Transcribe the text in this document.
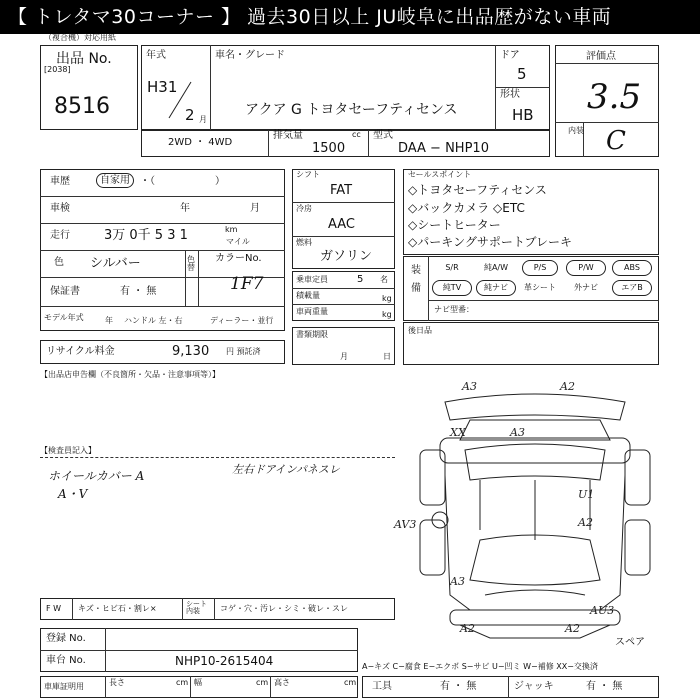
【 トレタマ30コーナー 】 過去30日以上 JU岐阜に出品歴がない車両
（複合機）対応用紙
出品 No.
[2038]
8516
年式
H31
2 月
車名・グレード
アクア G トヨタセーフティセンス
ドア
5
形状
HB
評価点
3.5
内装 C
2WD ・ 4WD
排気量	cc
1500
型式
DAA − NHP10
車歴	自家用	・（　　　　　　）
車検	年	月
走行	3万 0千 5 3 1	km
マイル
色 シルバー	色替
カラーNo.
1F7
保証書	有 ・ 無
モデル年式	年 ハンドル 左・右	ディーラー・並行
リサイクル料金	9,130 円 預託済
シフト
FAT
冷房
AAC
燃料
ガソリン
乗車定員	5 名
積載量	kg
車両重量	kg
書類期限
月	日
セールスポイント
◇トヨタセーフティセンス
◇バックカメラ ◇ETC
◇シートヒーター
◇パーキングサポートブレーキ
装備
S/R	純A/W	P/S	P/W	ABS
純TV	純ナビ	革シート	外ナビ	エアB
ナビ型番：
後日品
【出品店申告欄（不良箇所・欠品・注意事項等）】
【検査員記入】
ホイールカバー A
A・V
左右ドアインパネスレ
A3	A2
A3
XX
U1
A2
AV3
A3
A2	A2
AU3
スペア
F W キズ・ヒビ石・割レ×	シート内装	コゲ・穴・汚レ・シミ・破レ・スレ
登録 No.
車台 No.	NHP10-2615404
車庫証明用	長さ	cm 幅	cm 高さ	cm
A−キズ C−腐食 E−エクボ S−サビ U−凹ミ W−補修 XX−交換済
工具	有 ・ 無	ジャッキ	有 ・ 無
